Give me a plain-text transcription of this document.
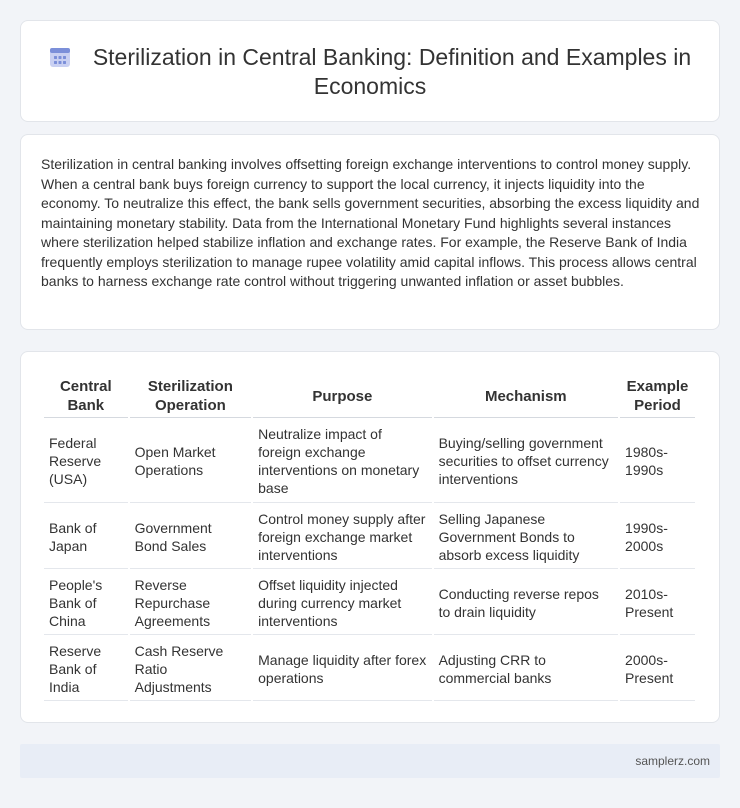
Sterilization in Central Banking: Definition and Examples in Economics

Sterilization in central banking involves offsetting foreign exchange interventions to control money supply. When a central bank buys foreign currency to support the local currency, it injects liquidity into the economy. To neutralize this effect, the bank sells government securities, absorbing the excess liquidity and maintaining monetary stability. Data from the International Monetary Fund highlights several instances where sterilization helped stabilize inflation and exchange rates. For example, the Reserve Bank of India frequently employs sterilization to manage rupee volatility amid capital inflows. This process allows central banks to harness exchange rate control without triggering unwanted inflation or asset bubbles.

Central Bank	Sterilization Operation	Purpose	Mechanism	Example Period
Federal Reserve (USA)	Open Market Operations	Neutralize impact of foreign exchange interventions on monetary base	Buying/selling government securities to offset currency interventions	1980s-1990s
Bank of Japan	Government Bond Sales	Control money supply after foreign exchange market interventions	Selling Japanese Government Bonds to absorb excess liquidity	1990s-2000s
People's Bank of China	Reverse Repurchase Agreements	Offset liquidity injected during currency market interventions	Conducting reverse repos to drain liquidity	2010s-Present
Reserve Bank of India	Cash Reserve Ratio Adjustments	Manage liquidity after forex operations	Adjusting CRR to commercial banks	2000s-Present
samplerz.com
